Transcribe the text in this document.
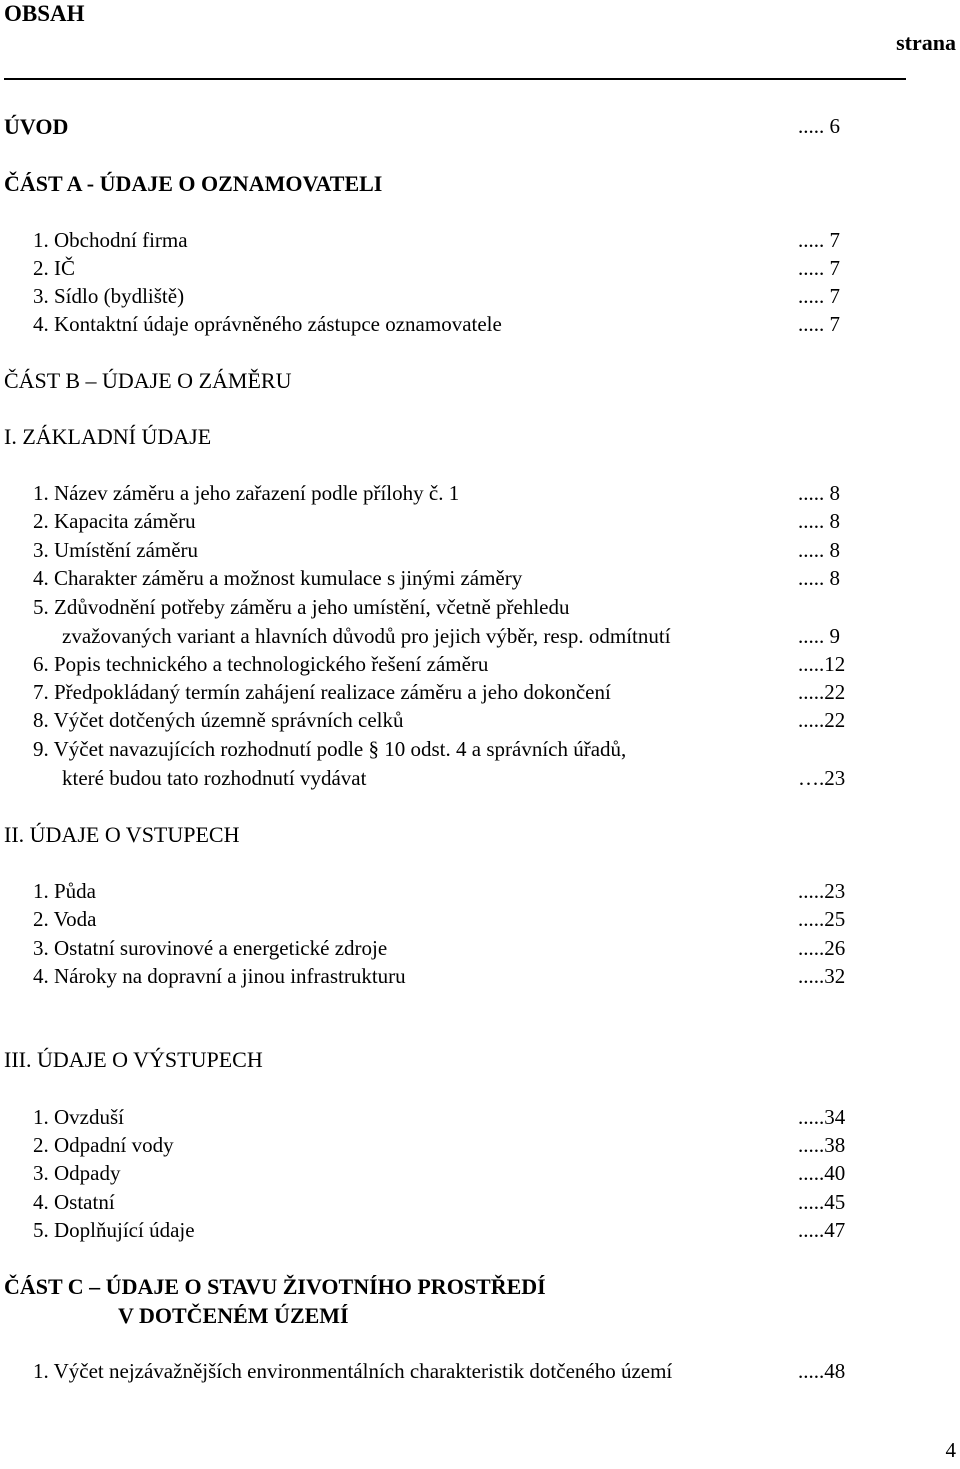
OBSAH
strana
ÚVOD	..... 6
ČÁST A - ÚDAJE O OZNAMOVATELI
1. Obchodní firma	..... 7
2. IČ	..... 7
3. Sídlo (bydliště)	..... 7
4. Kontaktní údaje oprávněného zástupce oznamovatele	..... 7
ČÁST B – ÚDAJE O ZÁMĚRU
I. ZÁKLADNÍ ÚDAJE
1. Název záměru a jeho zařazení podle přílohy č. 1	..... 8
2. Kapacita záměru	..... 8
3. Umístění záměru	..... 8
4. Charakter záměru a možnost kumulace s jinými záměry	..... 8
5. Zdůvodnění potřeby záměru a jeho umístění, včetně přehledu
zvažovaných variant a hlavních důvodů pro jejich výběr, resp. odmítnutí	..... 9
6. Popis technického a technologického řešení záměru	.....12
7. Předpokládaný termín zahájení realizace záměru a jeho dokončení	.....22
8. Výčet dotčených územně správních celků	.....22
9. Výčet navazujících rozhodnutí podle § 10 odst. 4 a správních úřadů,
které budou tato rozhodnutí vydávat	….23
II. ÚDAJE O VSTUPECH
1. Půda	.....23
2. Voda	.....25
3. Ostatní surovinové a energetické zdroje	.....26
4. Nároky na dopravní a jinou infrastrukturu	.....32
III. ÚDAJE O VÝSTUPECH
1. Ovzduší	.....34
2. Odpadní vody	.....38
3. Odpady	.....40
4. Ostatní	.....45
5. Doplňující údaje	.....47
ČÁST C – ÚDAJE O STAVU ŽIVOTNÍHO PROSTŘEDÍ
V DOTČENÉM ÚZEMÍ
1. Výčet nejzávažnějších environmentálních charakteristik dotčeného území	.....48
4
